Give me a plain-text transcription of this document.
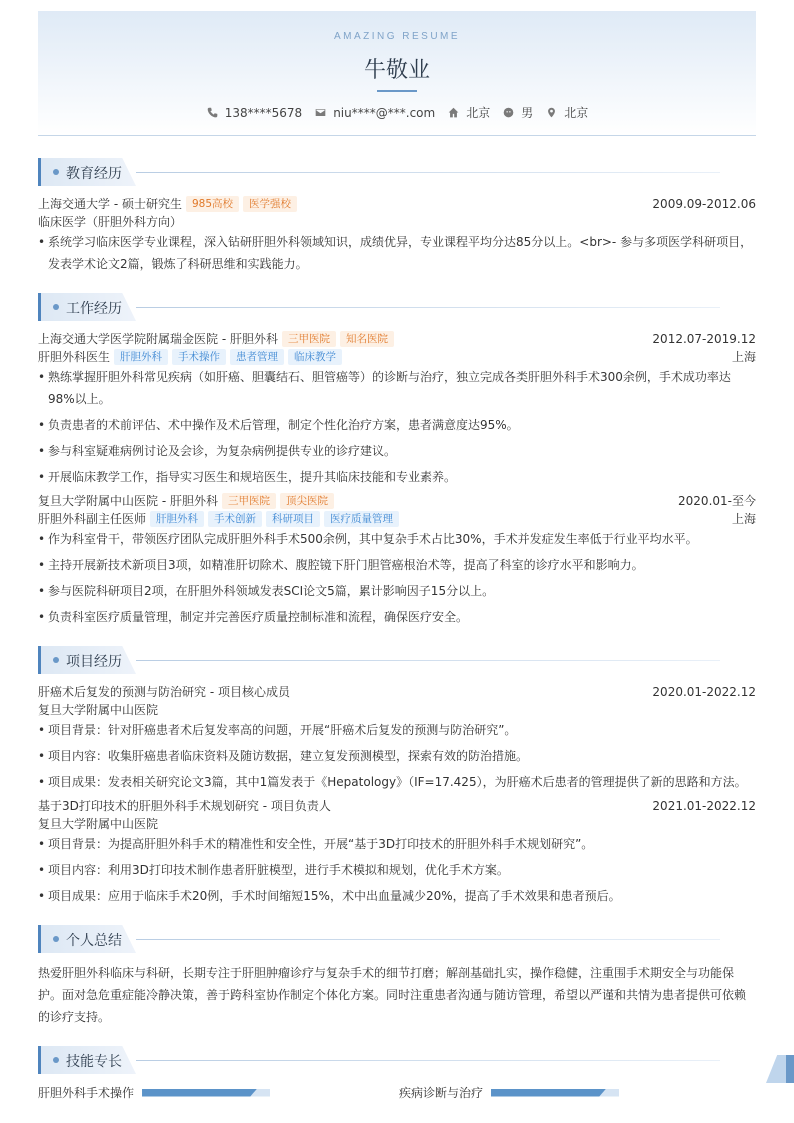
AMAZING RESUME
牛敬业
138****5678	niu****@***.com	北京	男	北京
教育经历
上海交通大学 - 硕士研究生 985高校	医学强校	2009.09-2012.06
临床医学（肝胆外科方向）
• 系统学习临床医学专业课程，深入钻研肝胆外科领域知识，成绩优异，专业课程平均分达85分以上。<br>- 参与多项医学科研项目，发表学术论文2篇，锻炼了科研思维和实践能力。
工作经历
上海交通大学医学院附属瑞金医院 - 肝胆外科 三甲医院	知名医院	2012.07-2019.12
肝胆外科医生 肝胆外科	手术操作	患者管理	临床教学	上海
• 熟练掌握肝胆外科常见疾病（如肝癌、胆囊结石、胆管癌等）的诊断与治疗，独立完成各类肝胆外科手术300余例，手术成功率达98%以上。
• 负责患者的术前评估、术中操作及术后管理，制定个性化治疗方案，患者满意度达95%。
• 参与科室疑难病例讨论及会诊，为复杂病例提供专业的诊疗建议。
• 开展临床教学工作，指导实习医生和规培医生，提升其临床技能和专业素养。
复旦大学附属中山医院 - 肝胆外科 三甲医院	顶尖医院	2020.01-至今
肝胆外科副主任医师 肝胆外科	手术创新	科研项目	医疗质量管理	上海
• 作为科室骨干，带领医疗团队完成肝胆外科手术500余例，其中复杂手术占比30%，手术并发症发生率低于行业平均水平。
• 主持开展新技术新项目3项，如精准肝切除术、腹腔镜下肝门胆管癌根治术等，提高了科室的诊疗水平和影响力。
• 参与医院科研项目2项，在肝胆外科领域发表SCI论文5篇，累计影响因子15分以上。
• 负责科室医疗质量管理，制定并完善医疗质量控制标准和流程，确保医疗安全。
项目经历
肝癌术后复发的预测与防治研究 - 项目核心成员	2020.01-2022.12
复旦大学附属中山医院
• 项目背景：针对肝癌患者术后复发率高的问题，开展“肝癌术后复发的预测与防治研究”。
• 项目内容：收集肝癌患者临床资料及随访数据，建立复发预测模型，探索有效的防治措施。
• 项目成果：发表相关研究论文3篇，其中1篇发表于《Hepatology》（IF=17.425），为肝癌术后患者的管理提供了新的思路和方法。
基于3D打印技术的肝胆外科手术规划研究 - 项目负责人	2021.01-2022.12
复旦大学附属中山医院
• 项目背景：为提高肝胆外科手术的精准性和安全性，开展“基于3D打印技术的肝胆外科手术规划研究”。
• 项目内容：利用3D打印技术制作患者肝脏模型，进行手术模拟和规划，优化手术方案。
• 项目成果：应用于临床手术20例，手术时间缩短15%，术中出血量减少20%，提高了手术效果和患者预后。
个人总结
热爱肝胆外科临床与科研，长期专注于肝胆肿瘤诊疗与复杂手术的细节打磨；解剖基础扎实，操作稳健，注重围手术期安全与功能保护。面对急危重症能冷静决策，善于跨科室协作制定个体化方案。同时注重患者沟通与随访管理，希望以严谨和共情为患者提供可依赖的诊疗支持。
技能专长
肝胆外科手术操作	疾病诊断与治疗
